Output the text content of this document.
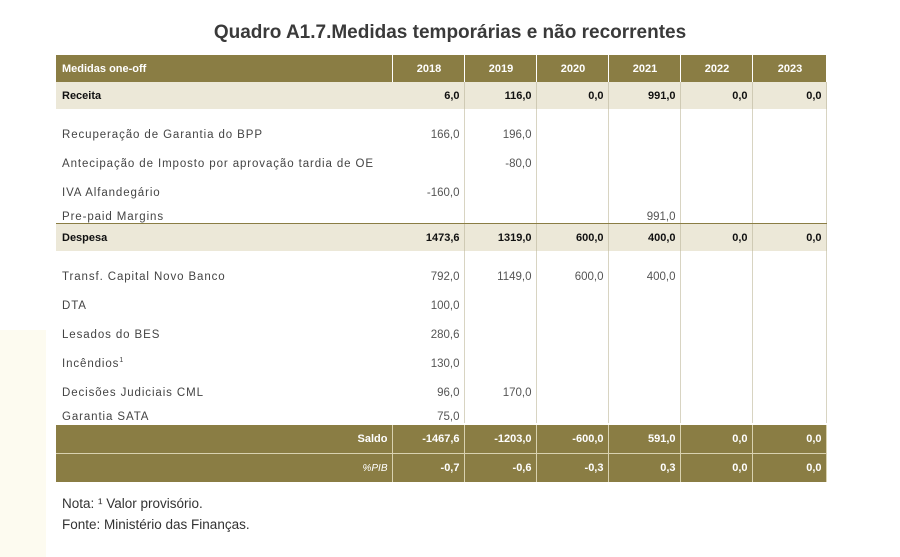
Quadro A1.7.Medidas temporárias e não recorrentes
Medidas one-off	2018	2019	2020	2021	2022	2023
Receita	6,0	116,0	0,0	991,0	0,0	0,0

Recuperação de Garantia do BPP	166,0	196,0				
Antecipação de Imposto por aprovação tardia de OE		-80,0				
IVA Alfandegário	-160,0					
Pre-paid Margins				991,0		
Despesa	1473,6	1319,0	600,0	400,0	0,0	0,0

Transf. Capital Novo Banco	792,0	1149,0	600,0	400,0		
DTA	100,0					
Lesados do BES	280,6					
Incêndios$^1$	130,0					
Decisões Judiciais CML	96,0	170,0				
Garantia SATA	75,0					
Saldo	-1467,6	-1203,0	-600,0	591,0	0,0	0,0
%PIB	-0,7	-0,6	-0,3	0,3	0,0	0,0
Nota: ¹ Valor provisório.
Fonte: Ministério das Finanças.
